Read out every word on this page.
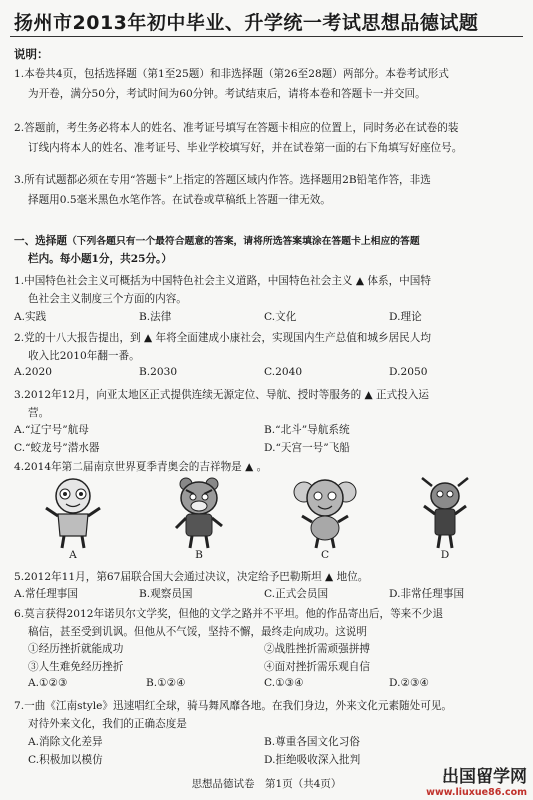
扬州市2013年初中毕业、升学统一考试思想品德试题
说明：
1.本卷共4页，包括选择题（第1至25题）和非选择题（第26至28题）两部分。本卷考试形式
为开卷，满分50分，考试时间为60分钟。考试结束后，请将本卷和答题卡一并交回。
2.答题前，考生务必将本人的姓名、准考证号填写在答题卡相应的位置上，同时务必在试卷的装
订线内将本人的姓名、准考证号、毕业学校填写好，并在试卷第一面的右下角填写好座位号。
3.所有试题都必须在专用“答题卡”上指定的答题区域内作答。选择题用2B铅笔作答，非选
择题用0.5毫米黑色水笔作答。在试卷或草稿纸上答题一律无效。
一、选择题（下列各题只有一个最符合题意的答案，请将所选答案填涂在答题卡上相应的答题
栏内。每小题1分，共25分。）
1.中国特色社会主义可概括为中国特色社会主义道路，中国特色社会主义 ▲ 体系，中国特
色社会主义制度三个方面的内容。
A.实践	B.法律	C.文化	D.理论
2.党的十八大报告提出，到 ▲ 年将全面建成小康社会，实现国内生产总值和城乡居民人均
收入比2010年翻一番。
A.2020	B.2030	C.2040	D.2050
3.2012年12月，向亚太地区正式提供连续无源定位、导航、授时等服务的 ▲ 正式投入运
营。
A.“辽宁号”航母	B.“北斗”导航系统
C.“蛟龙号”潜水器	D.“天宫一号”飞船
4.2014年第二届南京世界夏季青奥会的吉祥物是 ▲ 。
A	B	C	D
5.2012年11月，第67届联合国大会通过决议，决定给予巴勒斯坦 ▲ 地位。
A.常任理事国	B.观察员国	C.正式会员国	D.非常任理事国
6.莫言获得2012年诺贝尔文学奖，但他的文学之路并不平坦。他的作品寄出后，等来不少退
稿信，甚至受到讥讽。但他从不气馁，坚持不懈，最终走向成功。这说明
①经历挫折就能成功	②战胜挫折需顽强拼搏
③人生难免经历挫折	④面对挫折需乐观自信
A.①②③	B.①②④	C.①③④	D.②③④
7.一曲《江南style》迅速唱红全球，骑马舞风靡各地。在我们身边，外来文化元素随处可见。
对待外来文化，我们的正确态度是
A.消除文化差异	B.尊重各国文化习俗
C.积极加以模仿	D.拒绝吸收深入批判
思想品德试卷　第1页（共4页）	出国留学网
www.liuxue86.com
